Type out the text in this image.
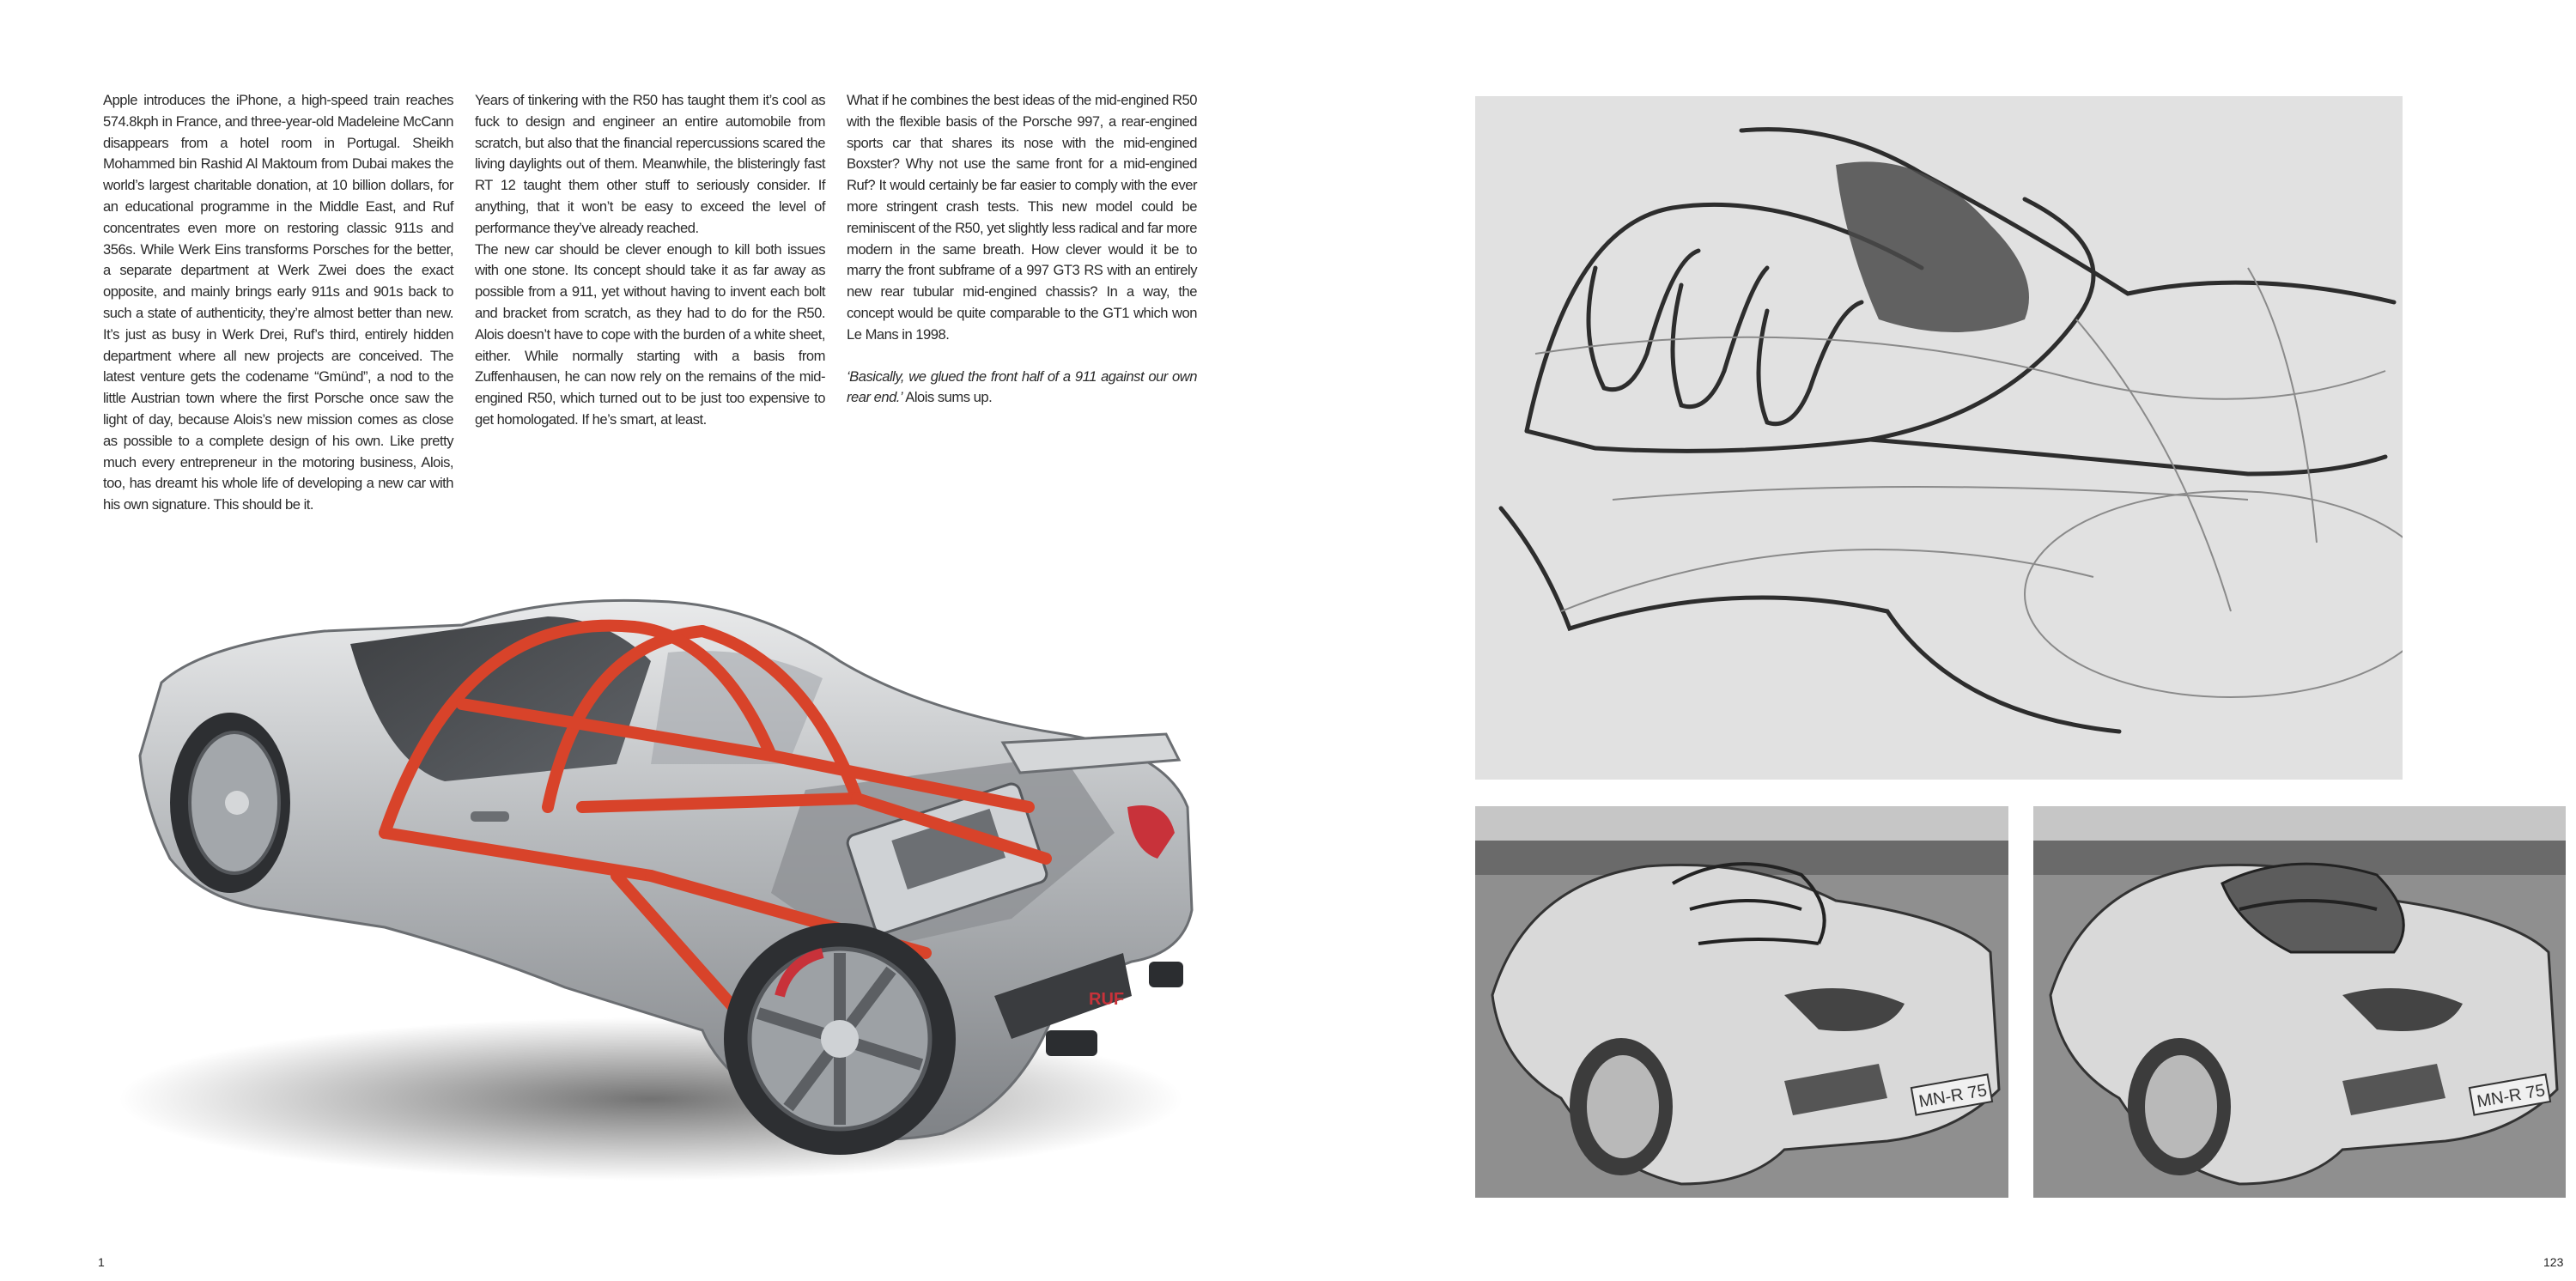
Apple introduces the iPhone, a high-speed train reaches 574.8kph in France, and three-year-old Madeleine McCann disappears from a hotel room in Portugal. Sheikh Mohammed bin Rashid Al Maktoum from Dubai makes the world’s largest charitable donation, at 10 billion dollars, for an educational programme in the Middle East, and Ruf concentrates even more on restoring classic 911s and 356s. While Werk Eins transforms Porsches for the better, a separate department at Werk Zwei does the exact opposite, and mainly brings early 911s and 901s back to such a state of authenticity, they’re almost better than new. It’s just as busy in Werk Drei, Ruf’s third, entirely hidden department where all new projects are conceived. The latest venture gets the codename “Gmünd”, a nod to the little Austrian town where the first Porsche once saw the light of day, because Alois’s new mission comes as close as possible to a complete design of his own. Like pretty much every entrepreneur in the motoring business, Alois, too, has dreamt his whole life of developing a new car with his own signature. This should be it.

Years of tinkering with the R50 has taught them it’s cool as fuck to design and engineer an entire automobile from scratch, but also that the financial repercussions scared the living daylights out of them. Meanwhile, the blisteringly fast RT 12 taught them other stuff to seriously consider. If anything, that it won’t be easy to exceed the level of performance they’ve already reached.

The new car should be clever enough to kill both issues with one stone. Its concept should take it as far away as possible from a 911, yet without having to invent each bolt and bracket from scratch, as they had to do for the R50. Alois doesn’t have to cope with the burden of a white sheet, either. While normally starting with a basis from Zuffenhausen, he can now rely on the remains of the mid-engined R50, which turned out to be just too expensive to get homologated. If he’s smart, at least.

What if he combines the best ideas of the mid-engined R50 with the flexible basis of the Porsche 997, a rear-engined sports car that shares its nose with the mid-engined Boxster? Why not use the same front for a mid-engined Ruf? It would certainly be far easier to comply with the ever more stringent crash tests. This new model could be reminiscent of the R50, yet slightly less radical and far more modern in the same breath. How clever would it be to marry the front subframe of a 997 GT3 RS with an entirely new rear tubular mid-engined chassis? In a way, the concept would be quite comparable to the GT1 which won Le Mans in 1998.

‘Basically, we glued the front half of a 911 against our own rear end.’ Alois sums up.

RUF
MN-R 75	MN-R 75
1	123
